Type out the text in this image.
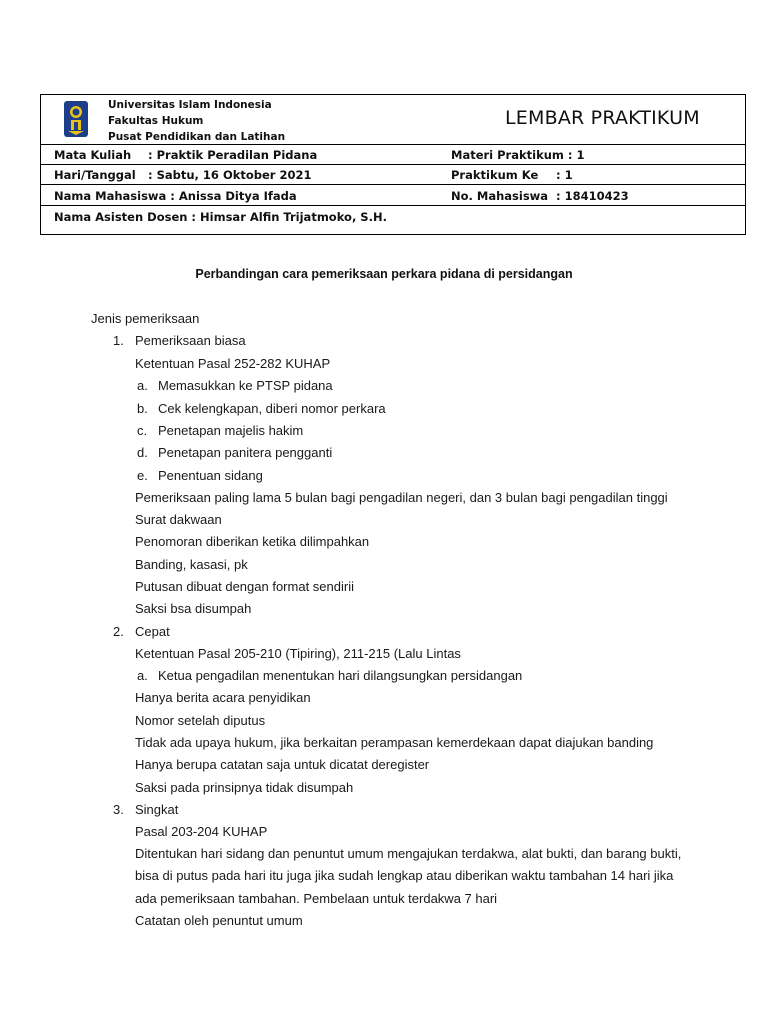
Universitas Islam Indonesia
Fakultas Hukum
Pusat Pendidikan dan Latihan
LEMBAR PRAKTIKUM
Mata Kuliah : Praktik Peradilan Pidana	Materi Praktikum : 1
Hari/Tanggal : Sabtu, 16 Oktober 2021	Praktikum Ke : 1
Nama Mahasiswa : Anissa Ditya Ifada	No. Mahasiswa : 18410423
Nama Asisten Dosen : Himsar Alfin Trijatmoko, S.H.
Perbandingan cara pemeriksaan perkara pidana di persidangan
Jenis pemeriksaan
1. Pemeriksaan biasa
Ketentuan Pasal 252-282 KUHAP
a. Memasukkan ke PTSP pidana
b. Cek kelengkapan, diberi nomor perkara
c. Penetapan majelis hakim
d. Penetapan panitera pengganti
e. Penentuan sidang
Pemeriksaan paling lama 5 bulan bagi pengadilan negeri, dan 3 bulan bagi pengadilan tinggi
Surat dakwaan
Penomoran diberikan ketika dilimpahkan
Banding, kasasi, pk
Putusan dibuat dengan format sendirii
Saksi bsa disumpah
2. Cepat
Ketentuan Pasal 205-210 (Tipiring), 211-215 (Lalu Lintas
a. Ketua pengadilan menentukan hari dilangsungkan persidangan
Hanya berita acara penyidikan
Nomor setelah diputus
Tidak ada upaya hukum, jika berkaitan perampasan kemerdekaan dapat diajukan banding
Hanya berupa catatan saja untuk dicatat deregister
Saksi pada prinsipnya tidak disumpah
3. Singkat
Pasal 203-204 KUHAP
Ditentukan hari sidang dan penuntut umum mengajukan terdakwa, alat bukti, dan barang bukti,
bisa di putus pada hari itu juga jika sudah lengkap atau diberikan waktu tambahan 14 hari jika
ada pemeriksaan tambahan. Pembelaan untuk terdakwa 7 hari
Catatan oleh penuntut umum
